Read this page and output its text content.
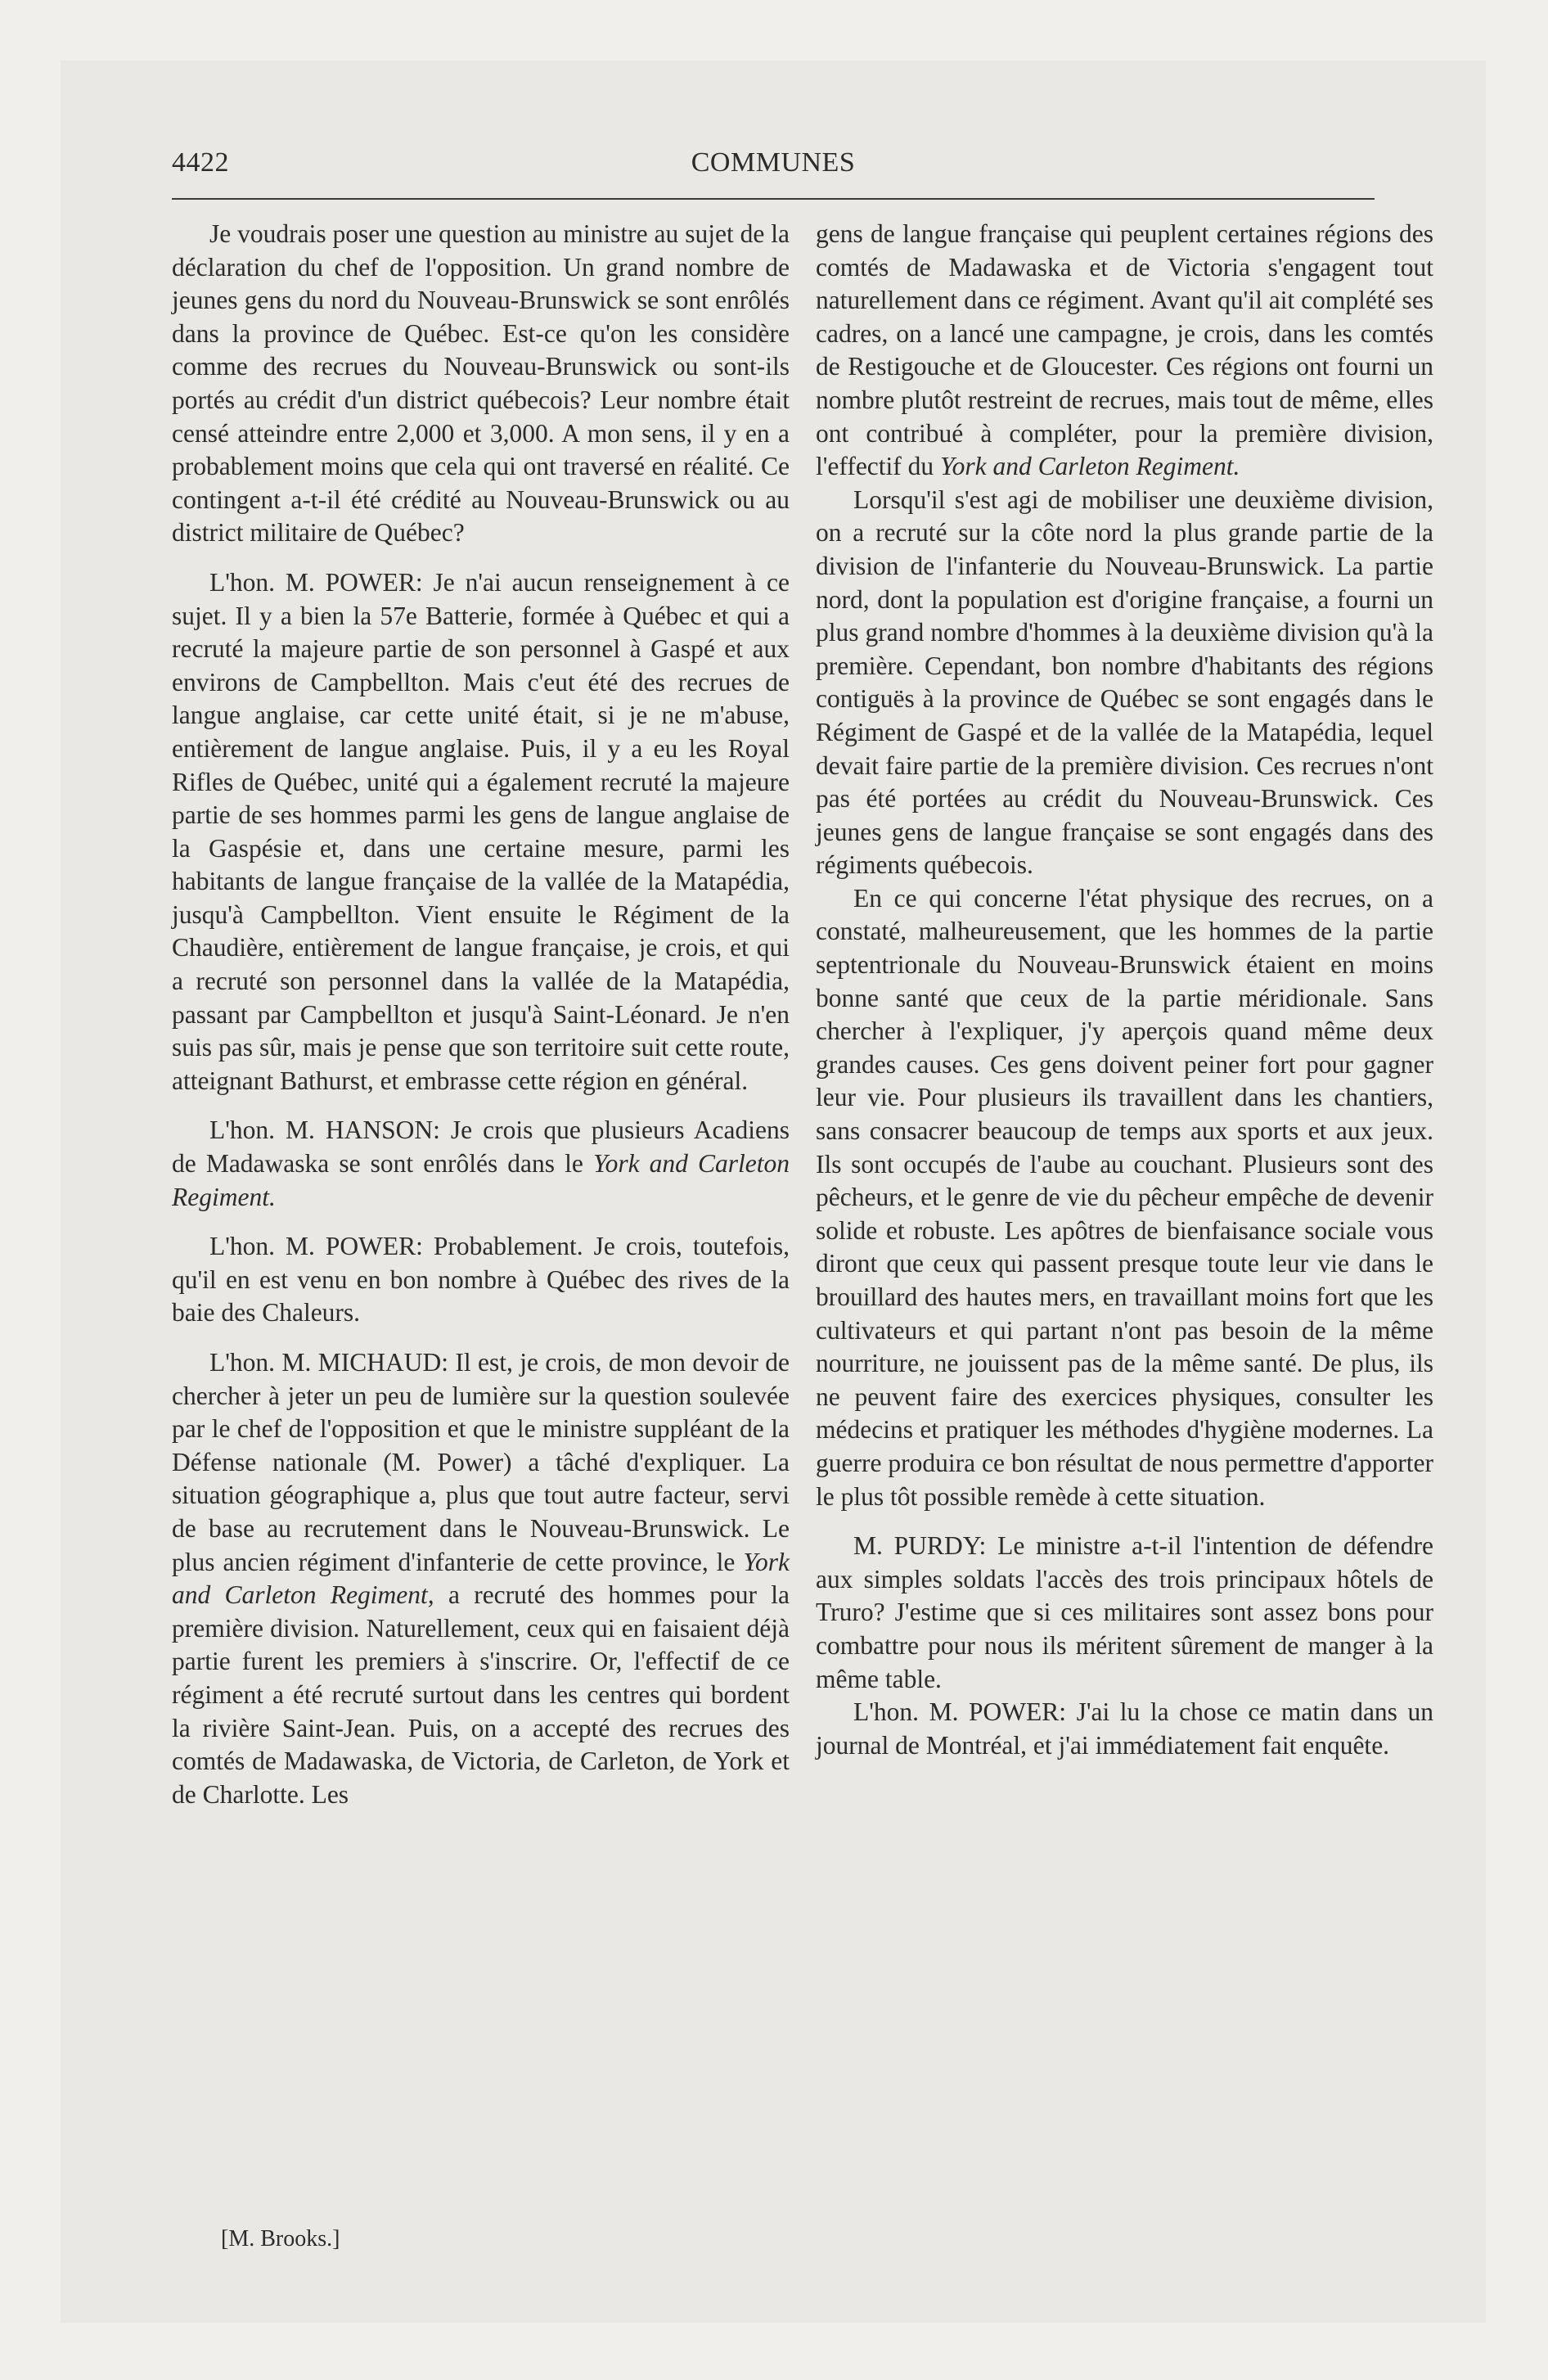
4422	COMMUNES

Je voudrais poser une question au ministre au sujet de la déclaration du chef de l'opposition. Un grand nombre de jeunes gens du nord du Nouveau-Brunswick se sont enrôlés dans la province de Québec. Est-ce qu'on les considère comme des recrues du Nouveau-Brunswick ou sont-ils portés au crédit d'un district québecois? Leur nombre était censé atteindre entre 2,000 et 3,000. A mon sens, il y en a probablement moins que cela qui ont traversé en réalité. Ce contingent a-t-il été crédité au Nouveau-Brunswick ou au district militaire de Québec?

L'hon. M. POWER: Je n'ai aucun renseignement à ce sujet. Il y a bien la 57e Batterie, formée à Québec et qui a recruté la majeure partie de son personnel à Gaspé et aux environs de Campbellton. Mais c'eut été des recrues de langue anglaise, car cette unité était, si je ne m'abuse, entièrement de langue anglaise. Puis, il y a eu les Royal Rifles de Québec, unité qui a également recruté la majeure partie de ses hommes parmi les gens de langue anglaise de la Gaspésie et, dans une certaine mesure, parmi les habitants de langue française de la vallée de la Matapédia, jusqu'à Campbellton. Vient ensuite le Régiment de la Chaudière, entièrement de langue française, je crois, et qui a recruté son personnel dans la vallée de la Matapédia, passant par Campbellton et jusqu'à Saint-Léonard. Je n'en suis pas sûr, mais je pense que son territoire suit cette route, atteignant Bathurst, et embrasse cette région en général.

L'hon. M. HANSON: Je crois que plusieurs Acadiens de Madawaska se sont enrôlés dans le York and Carleton Regiment.

L'hon. M. POWER: Probablement. Je crois, toutefois, qu'il en est venu en bon nombre à Québec des rives de la baie des Chaleurs.

L'hon. M. MICHAUD: Il est, je crois, de mon devoir de chercher à jeter un peu de lumière sur la question soulevée par le chef de l'opposition et que le ministre suppléant de la Défense nationale (M. Power) a tâché d'expliquer. La situation géographique a, plus que tout autre facteur, servi de base au recrutement dans le Nouveau-Brunswick. Le plus ancien régiment d'infanterie de cette province, le York and Carleton Regiment, a recruté des hommes pour la première division. Naturellement, ceux qui en faisaient déjà partie furent les premiers à s'inscrire. Or, l'effectif de ce régiment a été recruté surtout dans les centres qui bordent la rivière Saint-Jean. Puis, on a accepté des recrues des comtés de Madawaska, de Victoria, de Carleton, de York et de Charlotte. Les

gens de langue française qui peuplent certaines régions des comtés de Madawaska et de Victoria s'engagent tout naturellement dans ce régiment. Avant qu'il ait complété ses cadres, on a lancé une campagne, je crois, dans les comtés de Restigouche et de Gloucester. Ces régions ont fourni un nombre plutôt restreint de recrues, mais tout de même, elles ont contribué à compléter, pour la première division, l'effectif du York and Carleton Regiment.

Lorsqu'il s'est agi de mobiliser une deuxième division, on a recruté sur la côte nord la plus grande partie de la division de l'infanterie du Nouveau-Brunswick. La partie nord, dont la population est d'origine française, a fourni un plus grand nombre d'hommes à la deuxième division qu'à la première. Cependant, bon nombre d'habitants des régions contiguës à la province de Québec se sont engagés dans le Régiment de Gaspé et de la vallée de la Matapédia, lequel devait faire partie de la première division. Ces recrues n'ont pas été portées au crédit du Nouveau-Brunswick. Ces jeunes gens de langue française se sont engagés dans des régiments québecois.

En ce qui concerne l'état physique des recrues, on a constaté, malheureusement, que les hommes de la partie septentrionale du Nouveau-Brunswick étaient en moins bonne santé que ceux de la partie méridionale. Sans chercher à l'expliquer, j'y aperçois quand même deux grandes causes. Ces gens doivent peiner fort pour gagner leur vie. Pour plusieurs ils travaillent dans les chantiers, sans consacrer beaucoup de temps aux sports et aux jeux. Ils sont occupés de l'aube au couchant. Plusieurs sont des pêcheurs, et le genre de vie du pêcheur empêche de devenir solide et robuste. Les apôtres de bienfaisance sociale vous diront que ceux qui passent presque toute leur vie dans le brouillard des hautes mers, en travaillant moins fort que les cultivateurs et qui partant n'ont pas besoin de la même nourriture, ne jouissent pas de la même santé. De plus, ils ne peuvent faire des exercices physiques, consulter les médecins et pratiquer les méthodes d'hygiène modernes. La guerre produira ce bon résultat de nous permettre d'apporter le plus tôt possible remède à cette situation.

M. PURDY: Le ministre a-t-il l'intention de défendre aux simples soldats l'accès des trois principaux hôtels de Truro? J'estime que si ces militaires sont assez bons pour combattre pour nous ils méritent sûrement de manger à la même table.

L'hon. M. POWER: J'ai lu la chose ce matin dans un journal de Montréal, et j'ai immédiatement fait enquête.

[M. Brooks.]
